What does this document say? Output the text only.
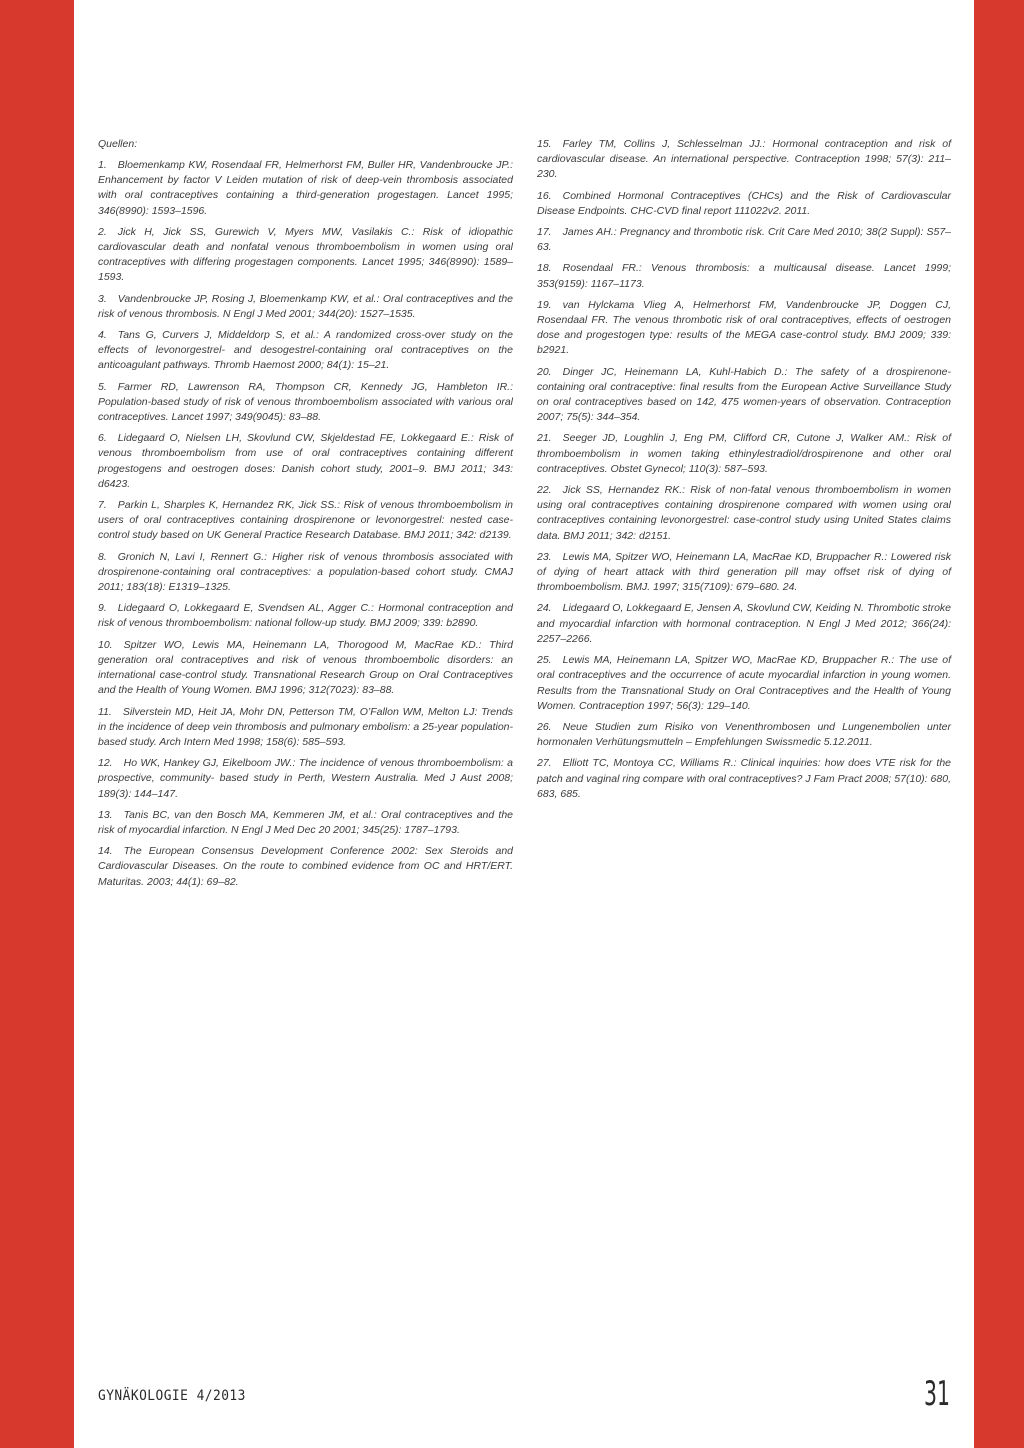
Quellen:

1. Bloemenkamp KW, Rosendaal FR, Helmerhorst FM, Buller HR, Vandenbroucke JP.: Enhancement by factor V Leiden mutation of risk of deep-vein thrombosis associated with oral contraceptives containing a third-generation progestagen. Lancet 1995; 346(8990): 1593–1596.

2. Jick H, Jick SS, Gurewich V, Myers MW, Vasilakis C.: Risk of idiopathic cardiovascular death and nonfatal venous thromboembolism in women using oral contraceptives with differing progestagen components. Lancet 1995; 346(8990): 1589–1593.

3. Vandenbroucke JP, Rosing J, Bloemenkamp KW, et al.: Oral contraceptives and the risk of venous thrombosis. N Engl J Med 2001; 344(20): 1527–1535.

4. Tans G, Curvers J, Middeldorp S, et al.: A randomized cross-over study on the effects of levonorgestrel- and desogestrel-containing oral contraceptives on the anticoagulant pathways. Thromb Haemost 2000; 84(1): 15–21.

5. Farmer RD, Lawrenson RA, Thompson CR, Kennedy JG, Hambleton IR.: Population-based study of risk of venous thromboembolism associated with various oral contraceptives. Lancet 1997; 349(9045): 83–88.

6. Lidegaard O, Nielsen LH, Skovlund CW, Skjeldestad FE, Lokkegaard E.: Risk of venous thromboembolism from use of oral contraceptives containing different progestogens and oestrogen doses: Danish cohort study, 2001–9. BMJ 2011; 343: d6423.

7. Parkin L, Sharples K, Hernandez RK, Jick SS.: Risk of venous thromboembolism in users of oral contraceptives containing drospirenone or levonorgestrel: nested case-control study based on UK General Practice Research Database. BMJ 2011; 342: d2139.

8. Gronich N, Lavi I, Rennert G.: Higher risk of venous thrombosis associated with drospirenone-containing oral contraceptives: a population-based cohort study. CMAJ 2011; 183(18): E1319–1325.

9. Lidegaard O, Lokkegaard E, Svendsen AL, Agger C.: Hormonal contraception and risk of venous thromboembolism: national follow-up study. BMJ 2009; 339: b2890.

10. Spitzer WO, Lewis MA, Heinemann LA, Thorogood M, MacRae KD.: Third generation oral contraceptives and risk of venous thromboembolic disorders: an international case-control study. Transnational Research Group on Oral Contraceptives and the Health of Young Women. BMJ 1996; 312(7023): 83–88.

11. Silverstein MD, Heit JA, Mohr DN, Petterson TM, O’Fallon WM, Melton LJ: Trends in the incidence of deep vein thrombosis and pulmonary embolism: a 25-year population-based study. Arch Intern Med 1998; 158(6): 585–593.

12. Ho WK, Hankey GJ, Eikelboom JW.: The incidence of venous thromboembolism: a prospective, community- based study in Perth, Western Australia. Med J Aust 2008; 189(3): 144–147.

13. Tanis BC, van den Bosch MA, Kemmeren JM, et al.: Oral contraceptives and the risk of myocardial infarction. N Engl J Med Dec 20 2001; 345(25): 1787–1793.

14. The European Consensus Development Conference 2002: Sex Steroids and Cardiovascular Diseases. On the route to combined evidence from OC and HRT/ERT. Maturitas. 2003; 44(1): 69–82.

15. Farley TM, Collins J, Schlesselman JJ.: Hormonal contraception and risk of cardiovascular disease. An international perspective. Contraception 1998; 57(3): 211–230.

16. Combined Hormonal Contraceptives (CHCs) and the Risk of Cardiovascular Disease Endpoints. CHC-CVD final report 111022v2. 2011.

17. James AH.: Pregnancy and thrombotic risk. Crit Care Med 2010; 38(2 Suppl): S57–63.

18. Rosendaal FR.: Venous thrombosis: a multicausal disease. Lancet 1999; 353(9159): 1167–1173.

19. van Hylckama Vlieg A, Helmerhorst FM, Vandenbroucke JP, Doggen CJ, Rosendaal FR. The venous thrombotic risk of oral contraceptives, effects of oestrogen dose and progestogen type: results of the MEGA case-control study. BMJ 2009; 339: b2921.

20. Dinger JC, Heinemann LA, Kuhl-Habich D.: The safety of a drospirenone-containing oral contraceptive: final results from the European Active Surveillance Study on oral contraceptives based on 142, 475 women-years of observation. Contraception 2007; 75(5): 344–354.

21. Seeger JD, Loughlin J, Eng PM, Clifford CR, Cutone J, Walker AM.: Risk of thromboembolism in women taking ethinylestradiol/drospirenone and other oral contraceptives. Obstet Gynecol; 110(3): 587–593.

22. Jick SS, Hernandez RK.: Risk of non-fatal venous thromboembolism in women using oral contraceptives containing drospirenone compared with women using oral contraceptives containing levonorgestrel: case-control study using United States claims data. BMJ 2011; 342: d2151.

23. Lewis MA, Spitzer WO, Heinemann LA, MacRae KD, Bruppacher R.: Lowered risk of dying of heart attack with third generation pill may offset risk of dying of thromboembolism. BMJ. 1997; 315(7109): 679–680. 24.

24. Lidegaard O, Lokkegaard E, Jensen A, Skovlund CW, Keiding N. Thrombotic stroke and myocardial infarction with hormonal contraception. N Engl J Med 2012; 366(24): 2257–2266.

25. Lewis MA, Heinemann LA, Spitzer WO, MacRae KD, Bruppacher R.: The use of oral contraceptives and the occurrence of acute myocardial infarction in young women. Results from the Transnational Study on Oral Contraceptives and the Health of Young Women. Contraception 1997; 56(3): 129–140.

26. Neue Studien zum Risiko von Venenthrombosen und Lungenembolien unter hormonalen Verhütungsmutteln – Empfehlungen Swissmedic 5.12.2011.

27. Elliott TC, Montoya CC, Williams R.: Clinical inquiries: how does VTE risk for the patch and vaginal ring compare with oral contraceptives? J Fam Pract 2008; 57(10): 680, 683, 685.

GYNÄKOLOGIE 4/2013	31
